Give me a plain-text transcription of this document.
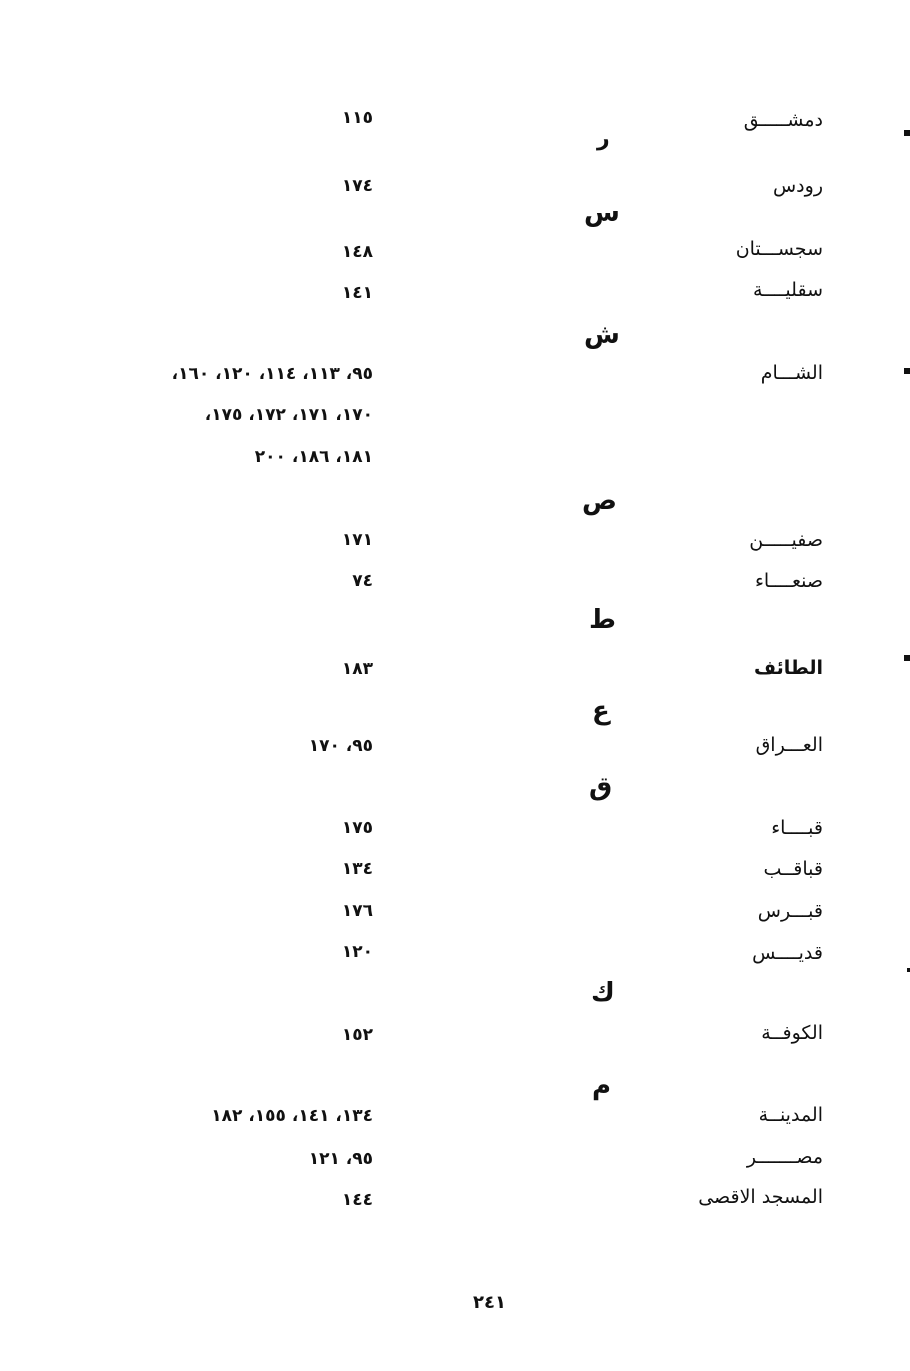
ر
س
ش
ص
ط
ع
ق
ك
م
دمشـــــق
رودس
سجســـتان
سقليــــة
الشـــام
صفيـــــن
صنعــــاء
الطائف
العـــراق
قبــــاء
قباقــب
قبـــرس
قديــــس
الكوفــة
المدينــة
مصـــــــر
المسجد الاقصى
١١٥
١٧٤
١٤٨
١٤١
٩٥، ١١٣، ١١٤، ١٢٠، ١٦٠،
١٧٠، ١٧١، ١٧٢، ١٧٥،
١٨١، ١٨٦، ٢٠٠
١٧١
٧٤
١٨٣
٩٥، ١٧٠
١٧٥
١٣٤
١٧٦
١٢٠
١٥٢
١٣٤، ١٤١، ١٥٥، ١٨٢
٩٥، ١٢١
١٤٤
٢٤١
